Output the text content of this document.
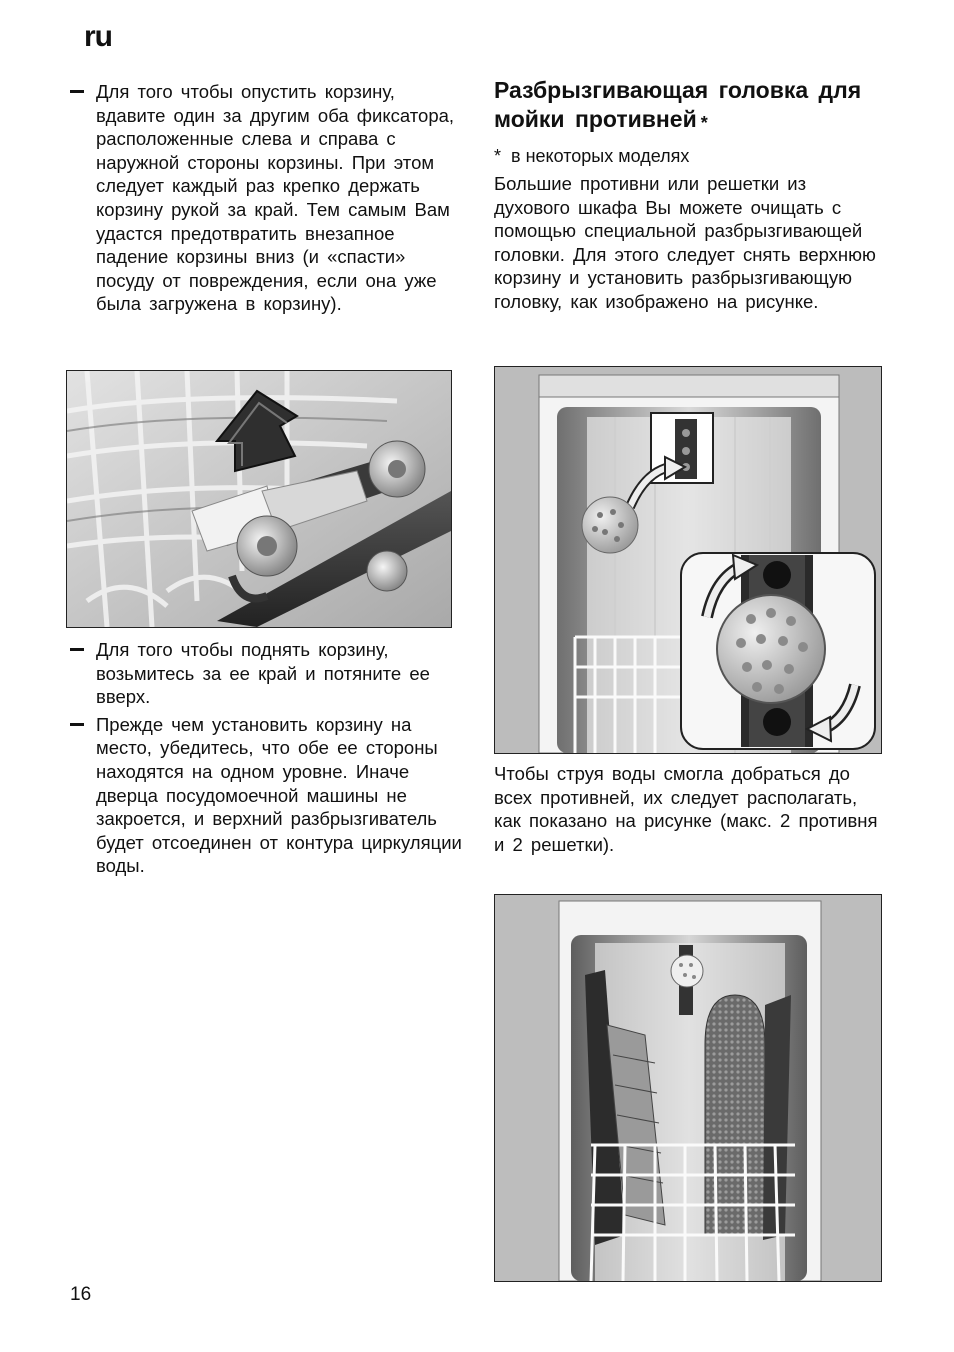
ru
Для того чтобы опустить корзину, вдавите один за другим оба фиксатора, расположенные слева и справа с наружной стороны корзины. При этом следует каждый раз крепко держать корзину рукой за край. Тем самым Вам удастся предотвратить внезапное падение корзины вниз (и «спасти» посуду от повреждения, если она уже была загружена в корзину).
Для того чтобы поднять корзину, возьмитесь за ее край и потяните ее вверх.
Прежде чем установить корзину на место, убедитесь, что обе ее стороны находятся на одном уровне. Иначе дверца посудомоечной машины не закроется, и верхний разбрызгиватель будет отсоединен от контура циркуляции воды.
Разбрызгивающая головка для мойки противней *
* в некоторых моделях
Большие противни или решетки из духового шкафа Вы можете очищать с помощью специальной разбрызгивающей головки. Для этого следует снять верхнюю корзину и установить разбрызгивающую головку, как изображено на рисунке.
Чтобы струя воды смогла добраться до всех противней, их следует располагать, как показано на рисунке (макс. 2 противня и 2 решетки).
16
